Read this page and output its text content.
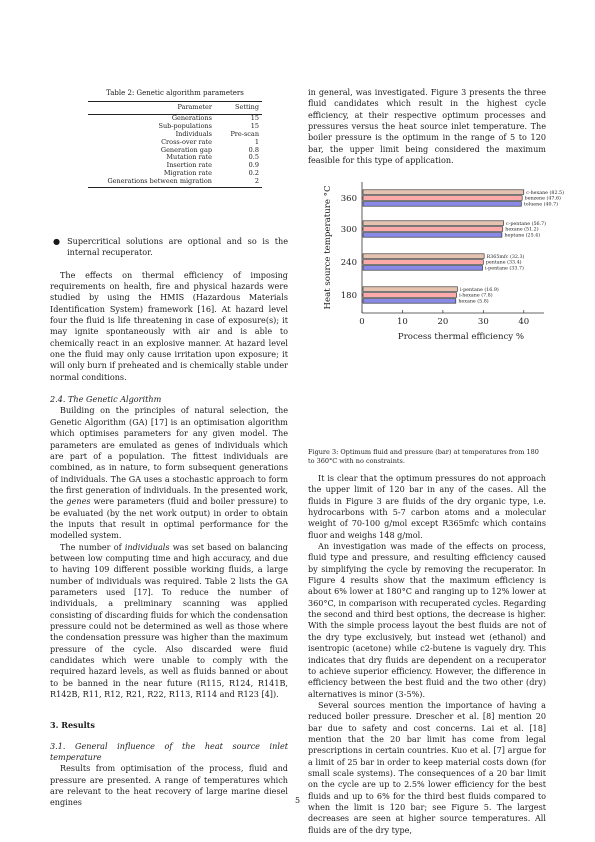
Table 2: Genetic algorithm parameters
Parameter	Setting
Generations	15
Sub-populations	15
Individuals	Pre-scan
Cross-over rate	1
Generation gap	0.8
Mutation rate	0.5
Insertion rate	0.9
Migration rate	0.2
Generations between migration	2
● Supercritical solutions are optional and so is the internal recuperator.

The effects on thermal efficiency of imposing requirements on health, fire and physical hazards were studied by using the HMIS (Hazardous Materials Identification System) framework [16]. At hazard level four the fluid is life threatening in case of exposure(s); it may ignite spontaneously with air and is able to chemically react in an explosive manner. At hazard level one the fluid may only cause irritation upon exposure; it will only burn if preheated and is chemically stable under normal conditions.

2.4. The Genetic Algorithm

Building on the principles of natural selection, the Genetic Algorithm (GA) [17] is an optimisation algorithm which optimises parameters for any given model. The parameters are emulated as genes of individuals which are part of a population. The fittest individuals are combined, as in nature, to form subsequent generations of individuals. The GA uses a stochastic approach to form the first generation of individuals. In the presented work, the genes were parameters (fluid and boiler pressure) to be evaluated (by the net work output) in order to obtain the inputs that result in optimal performance for the modelled system.

The number of individuals was set based on balancing between low computing time and high accuracy, and due to having 109 different possible working fluids, a large number of individuals was required. Table 2 lists the GA parameters used [17]. To reduce the number of individuals, a preliminary scanning was applied consisting of discarding fluids for which the condensation pressure could not be determined as well as those where the condensation pressure was higher than the maximum pressure of the cycle. Also discarded were fluid candidates which were unable to comply with the required hazard levels, as well as fluids banned or about to be banned in the near future (R115, R124, R141B, R142B, R11, R12, R21, R22, R113, R114 and R123 [4]).

3. Results

3.1. General influence of the heat source inlet temperature

Results from optimisation of the process, fluid and pressure are presented. A range of temperatures which are relevant to the heat recovery of large marine diesel engines

in general, was investigated. Figure 3 presents the three fluid candidates which result in the highest cycle efficiency, at their respective optimum processes and pressures versus the heat source inlet temperature. The boiler pressure is the optimum in the range of 5 to 120 bar, the upper limit being considered the maximum feasible for this type of application.

0	10	20	30	40
360
c-hexane (82.5)
benzene (47.6)
toluene (40.7)
300
c-pentane (56.7)
hexane (51.2)
heptane (25.4)
240
R365mfc (32.3)
pentane (33.4)
i-pentane (33.7)
180
i-pentane (16.9)
i-hexane (7.8)
hexane (5.8)
Process thermal efficiency %
Heat source temperature °C
Figure 3: Optimum fluid and pressure (bar) at temperatures from 180 to 360°C with no constraints.

It is clear that the optimum pressures do not approach the upper limit of 120 bar in any of the cases. All the fluids in Figure 3 are fluids of the dry organic type, i.e. hydrocarbons with 5-7 carbon atoms and a molecular weight of 70-100 g/mol except R365mfc which contains fluor and weighs 148 g/mol.

An investigation was made of the effects on process, fluid type and pressure, and resulting efficiency caused by simplifying the cycle by removing the recuperator. In Figure 4 results show that the maximum efficiency is about 6% lower at 180°C and ranging up to 12% lower at 360°C, in comparison with recuperated cycles. Regarding the second and third best options, the decrease is higher. With the simple process layout the best fluids are not of the dry type exclusively, but instead wet (ethanol) and isentropic (acetone) while c2-butene is vaguely dry. This indicates that dry fluids are dependent on a recuperator to achieve superior efficiency. However, the difference in efficiency between the best fluid and the two other (dry) alternatives is minor (3-5%).

Several sources mention the importance of having a reduced boiler pressure. Drescher et al. [8] mention 20 bar due to safety and cost concerns. Lai et al. [18] mention that the 20 bar limit has come from legal prescriptions in certain countries. Kuo et al. [7] argue for a limit of 25 bar in order to keep material costs down (for small scale systems). The consequences of a 20 bar limit on the cycle are up to 2.5% lower efficiency for the best fluids and up to 6% for the third best fluids compared to when the limit is 120 bar; see Figure 5. The largest decreases are seen at higher source temperatures. All fluids are of the dry type,

5
